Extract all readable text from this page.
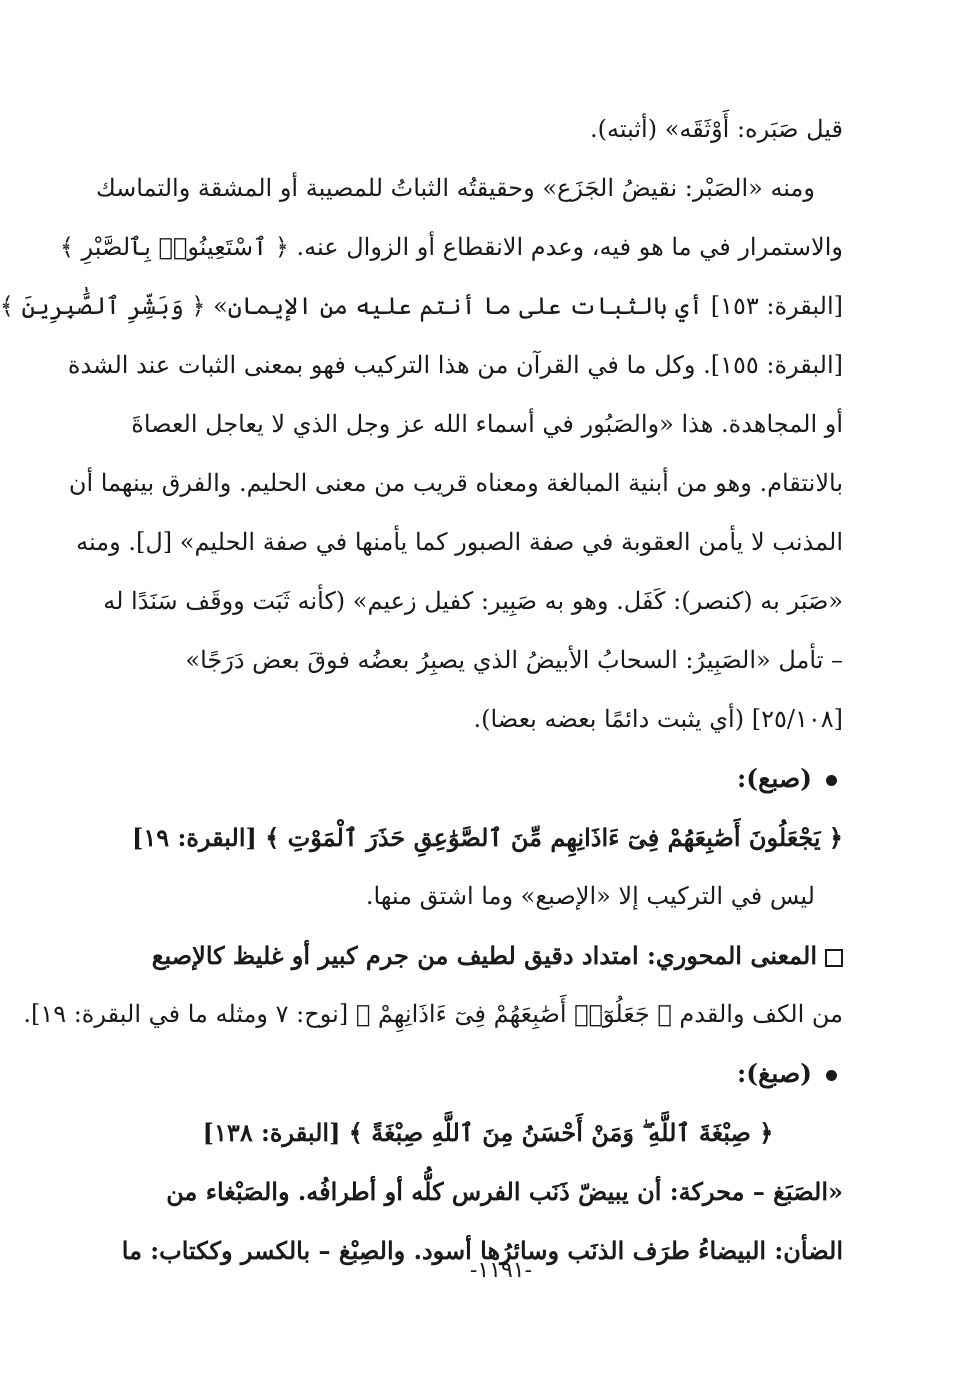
قيل صَبَره: أَوْثَقَه» (أثبته).
ومنه «الصَبْر: نقيضُ الجَزَع» وحقيقتُه الثباتُ للمصيبة أو المشقة والتماسك
والاستمرار في ما هو فيه، وعدم الانقطاع أو الزوال عنه. ﴿ ٱسْتَعِينُوا۟ بِٱلصَّبْرِ ﴾
[البقرة: ١٥٣] أي بالثبات على ما أنتم عليه من الإيمان» ﴿ وَبَشِّرِ ٱلصَّٰبِرِينَ ﴾
[البقرة: ١٥٥]. وكل ما في القرآن من هذا التركيب فهو بمعنى الثبات عند الشدة
أو المجاهدة. هذا «والصَبُور في أسماء الله عز وجل الذي لا يعاجل العصاةَ
بالانتقام. وهو من أبنية المبالغة ومعناه قريب من معنى الحليم. والفرق بينهما أن
المذنب لا يأمن العقوبة في صفة الصبور كما يأمنها في صفة الحليم» [ل]. ومنه
«صَبَر به (كنصر): كَفَل. وهو به صَبِير: كفيل زعيم» (كأنه ثَبَت ووقَف سَنَدًا له
– تأمل «الصَبِيرُ: السحابُ الأبيضُ الذي يصبِرُ بعضُه فوقَ بعض دَرَجًا»
[٢٥/١٠٨] (أي يثبت دائمًا بعضه بعضا).
(صبع):
﴿ يَجْعَلُونَ أَصَٰبِعَهُمْ فِىٓ ءَاذَانِهِم مِّنَ ٱلصَّوَٰعِقِ حَذَرَ ٱلْمَوْتِ ﴾ [البقرة: ١٩]
ليس في التركيب إلا «الإصبع» وما اشتق منها.
المعنى المحوري: امتداد دقيق لطيف من جرم كبير أو غليظ كالإصبع
من الكف والقدم ﴿ جَعَلُوٓا۟ أَصَٰبِعَهُمْ فِىٓ ءَاذَانِهِمْ ﴾ [نوح: ٧ ومثله ما في البقرة: ١٩].
(صبغ):
﴿ صِبْغَةَ ٱللَّهِ ۖ وَمَنْ أَحْسَنُ مِنَ ٱللَّهِ صِبْغَةً ﴾ [البقرة: ١٣٨]
«الصَبَغ – محركة: أن يبيضّ ذَنَب الفرس كلُّه أو أطرافُه. والصَبْغاء من
الضأن: البيضاءُ طرَف الذنَب وسائرُها أسود. والصِبْغ – بالكسر وككتاب: ما
-١١٩١-
